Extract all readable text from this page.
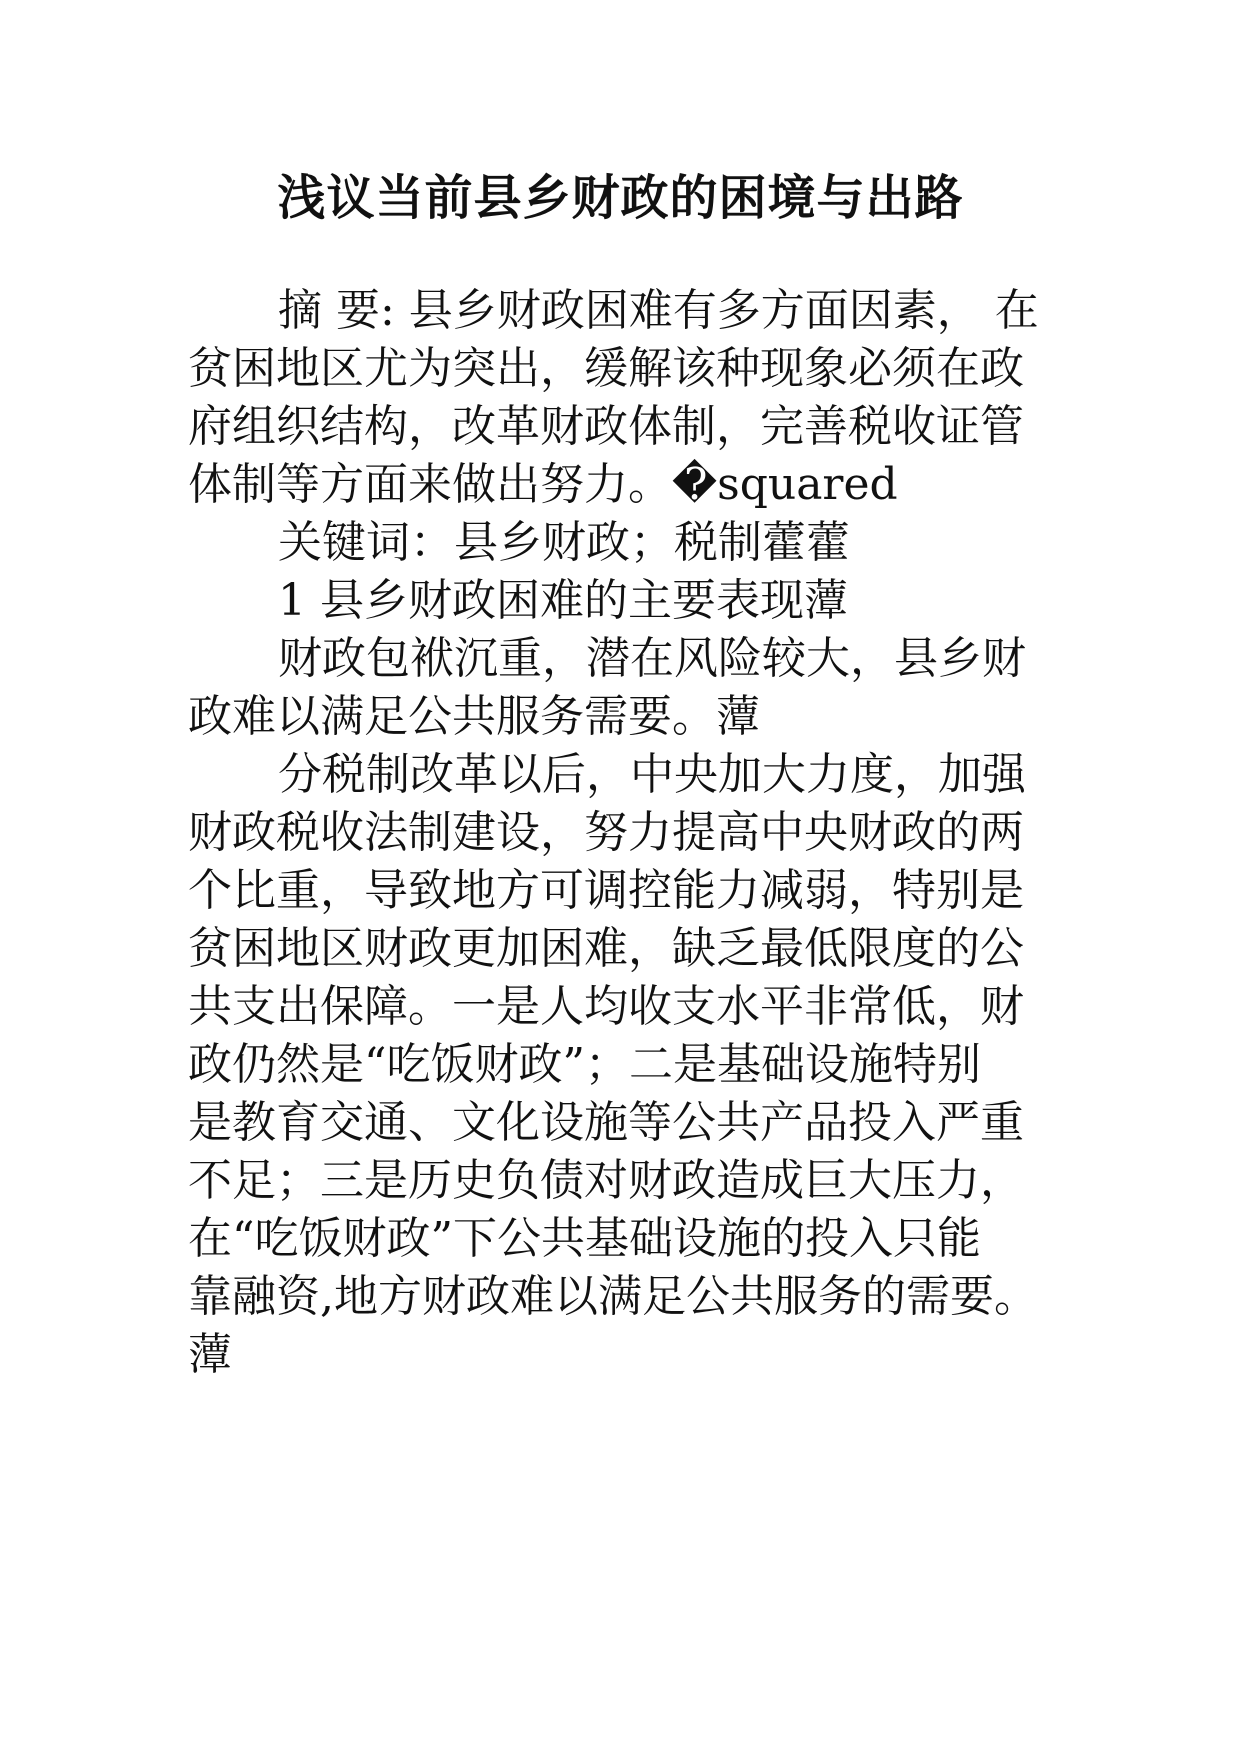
浅议当前县乡财政的困境与出路

摘 要: 县乡财政困难有多方面因素， 在

贫困地区尤为突出，缓解该种现象必须在政

府组织结构，改革财政体制，完善税收证管

体制等方面来做出努力。�squared

关键词：县乡财政；税制藿藿

1 县乡财政困难的主要表现藫

财政包袱沉重，潜在风险较大，县乡财

政难以满足公共服务需要。藫

分税制改革以后，中央加大力度，加强

财政税收法制建设，努力提高中央财政的两

个比重，导致地方可调控能力减弱，特别是

贫困地区财政更加困难，缺乏最低限度的公

共支出保障。一是人均收支水平非常低，财

政仍然是“吃饭财政”；二是基础设施特别

是教育交通、文化设施等公共产品投入严重

不足；三是历史负债对财政造成巨大压力，

在“吃饭财政”下公共基础设施的投入只能

靠融资,地方财政难以满足公共服务的需要。

藫
